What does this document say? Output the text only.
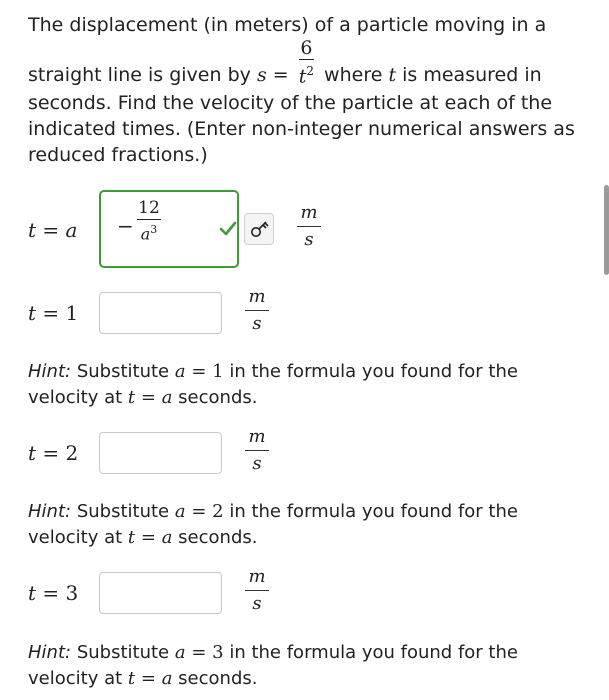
The displacement (in meters) of a particle moving in a
straight line is given by $s = \frac{6}{t^2}$ where t is measured in
seconds. Find the velocity of the particle at each of the
indicated times. (Enter non-integer numerical answers as
reduced fractions.)
t = a −
12
$a^3$
m
s
t = 1
m
s
Hint: Substitute a = 1 in the formula you found for the
velocity at t = a seconds.
t = 2
m
s
Hint: Substitute a = 2 in the formula you found for the
velocity at t = a seconds.
t = 3
m
s
Hint: Substitute a = 3 in the formula you found for the
velocity at t = a seconds.
